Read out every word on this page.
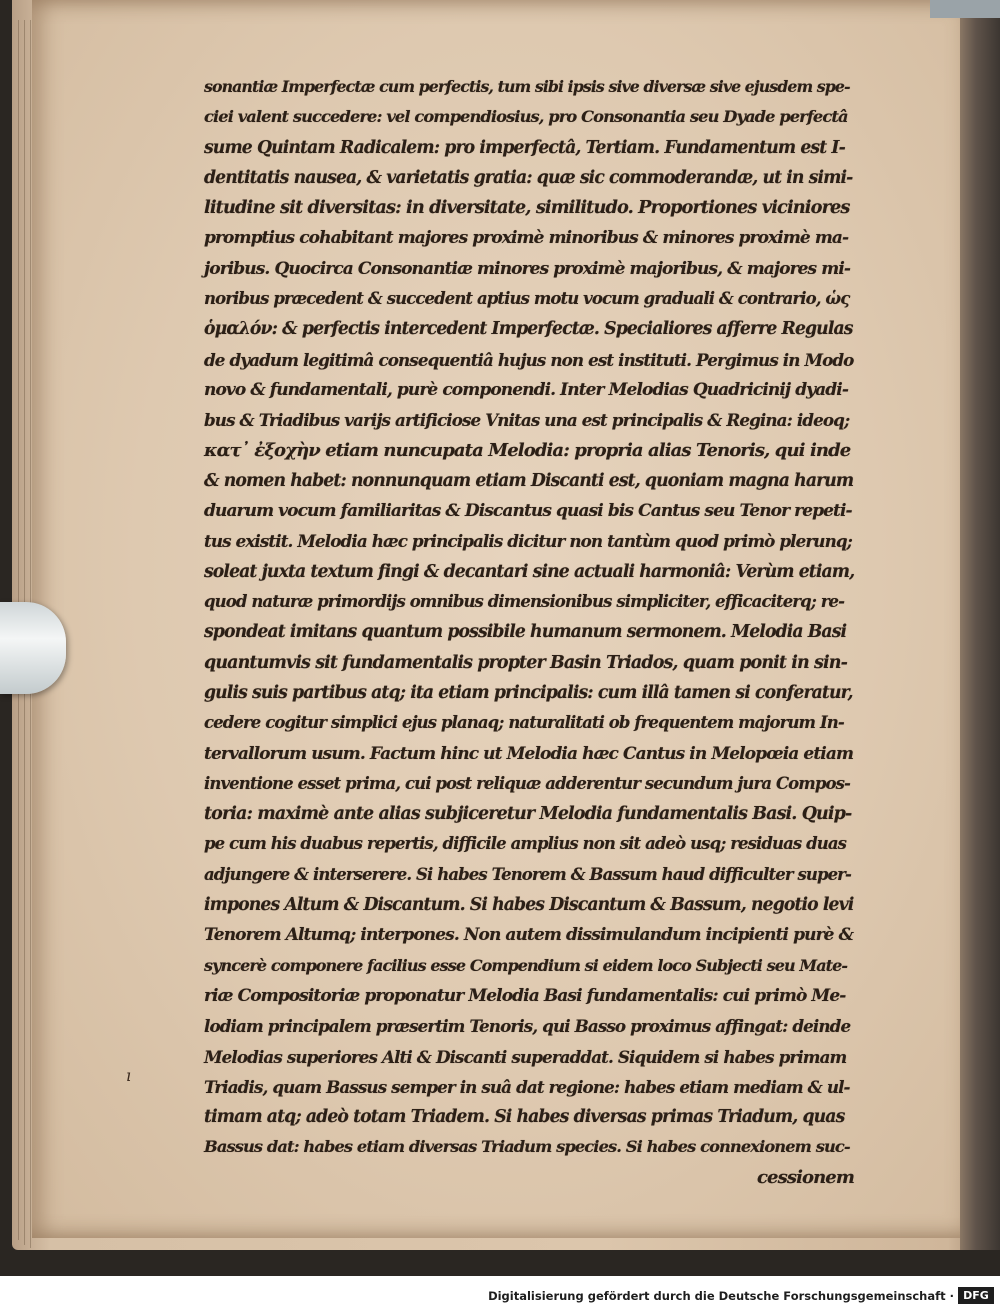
sonantiæ Imperfectæ cum perfectis, tum sibi ipsis sive diversæ sive ejusdem spe-
ciei valent succedere: vel compendiosius, pro Consonantia seu Dyade perfectâ
sume Quintam Radicalem: pro imperfectâ, Tertiam. Fundamentum est I-
dentitatis nausea, & varietatis gratia: quæ sic commoderandæ, ut in simi-
litudine sit diversitas: in diversitate, similitudo. Proportiones viciniores
promptius cohabitant majores proximè minoribus & minores proximè ma-
joribus. Quocirca Consonantiæ minores proximè majoribus, & majores mi-
noribus præcedent & succedent aptius motu vocum graduali & contrario, ὡς
ὁμαλόν: & perfectis intercedent Imperfectæ. Specialiores afferre Regulas
de dyadum legitimâ consequentiâ hujus non est instituti. Pergimus in Modo
novo & fundamentali, purè componendi. Inter Melodias Quadricinij dyadi-
bus & Triadibus varijs artificiose Vnitas una est principalis & Regina: ideoq;
κατ᾽ ἐξοχὴν etiam nuncupata Melodia: propria alias Tenoris, qui inde
& nomen habet: nonnunquam etiam Discanti est, quoniam magna harum
duarum vocum familiaritas & Discantus quasi bis Cantus seu Tenor repeti-
tus existit. Melodia hæc principalis dicitur non tantùm quod primò plerunq;
soleat juxta textum fingi & decantari sine actuali harmoniâ: Verùm etiam,
quod naturæ primordijs omnibus dimensionibus simpliciter, efficaciterq; re-
spondeat imitans quantum possibile humanum sermonem. Melodia Basi
quantumvis sit fundamentalis propter Basin Triados, quam ponit in sin-
gulis suis partibus atq; ita etiam principalis: cum illâ tamen si conferatur,
cedere cogitur simplici ejus planaq; naturalitati ob frequentem majorum In-
tervallorum usum. Factum hinc ut Melodia hæc Cantus in Melopœia etiam
inventione esset prima, cui post reliquæ adderentur secundum jura Compos-
toria: maximè ante alias subjiceretur Melodia fundamentalis Basi. Quip-
pe cum his duabus repertis, difficile amplius non sit adeò usq; residuas duas
adjungere & interserere. Si habes Tenorem & Bassum haud difficulter super-
impones Altum & Discantum. Si habes Discantum & Bassum, negotio levi
Tenorem Altumq; interpones. Non autem dissimulandum incipienti purè &
syncerè componere facilius esse Compendium si eidem loco Subjecti seu Mate-
riæ Compositoriæ proponatur Melodia Basi fundamentalis: cui primò Me-
lodiam principalem præsertim Tenoris, qui Basso proximus affingat: deinde
Melodias superiores Alti & Discanti superaddat. Siquidem si habes primam
Triadis, quam Bassus semper in suâ dat regione: habes etiam mediam & ul-
timam atq; adeò totam Triadem. Si habes diversas primas Triadum, quas
Bassus dat: habes etiam diversas Triadum species. Si habes connexionem suc-
cessionem
ı
Digitalisierung gefördert durch die Deutsche Forschungsgemeinschaft · DFG
